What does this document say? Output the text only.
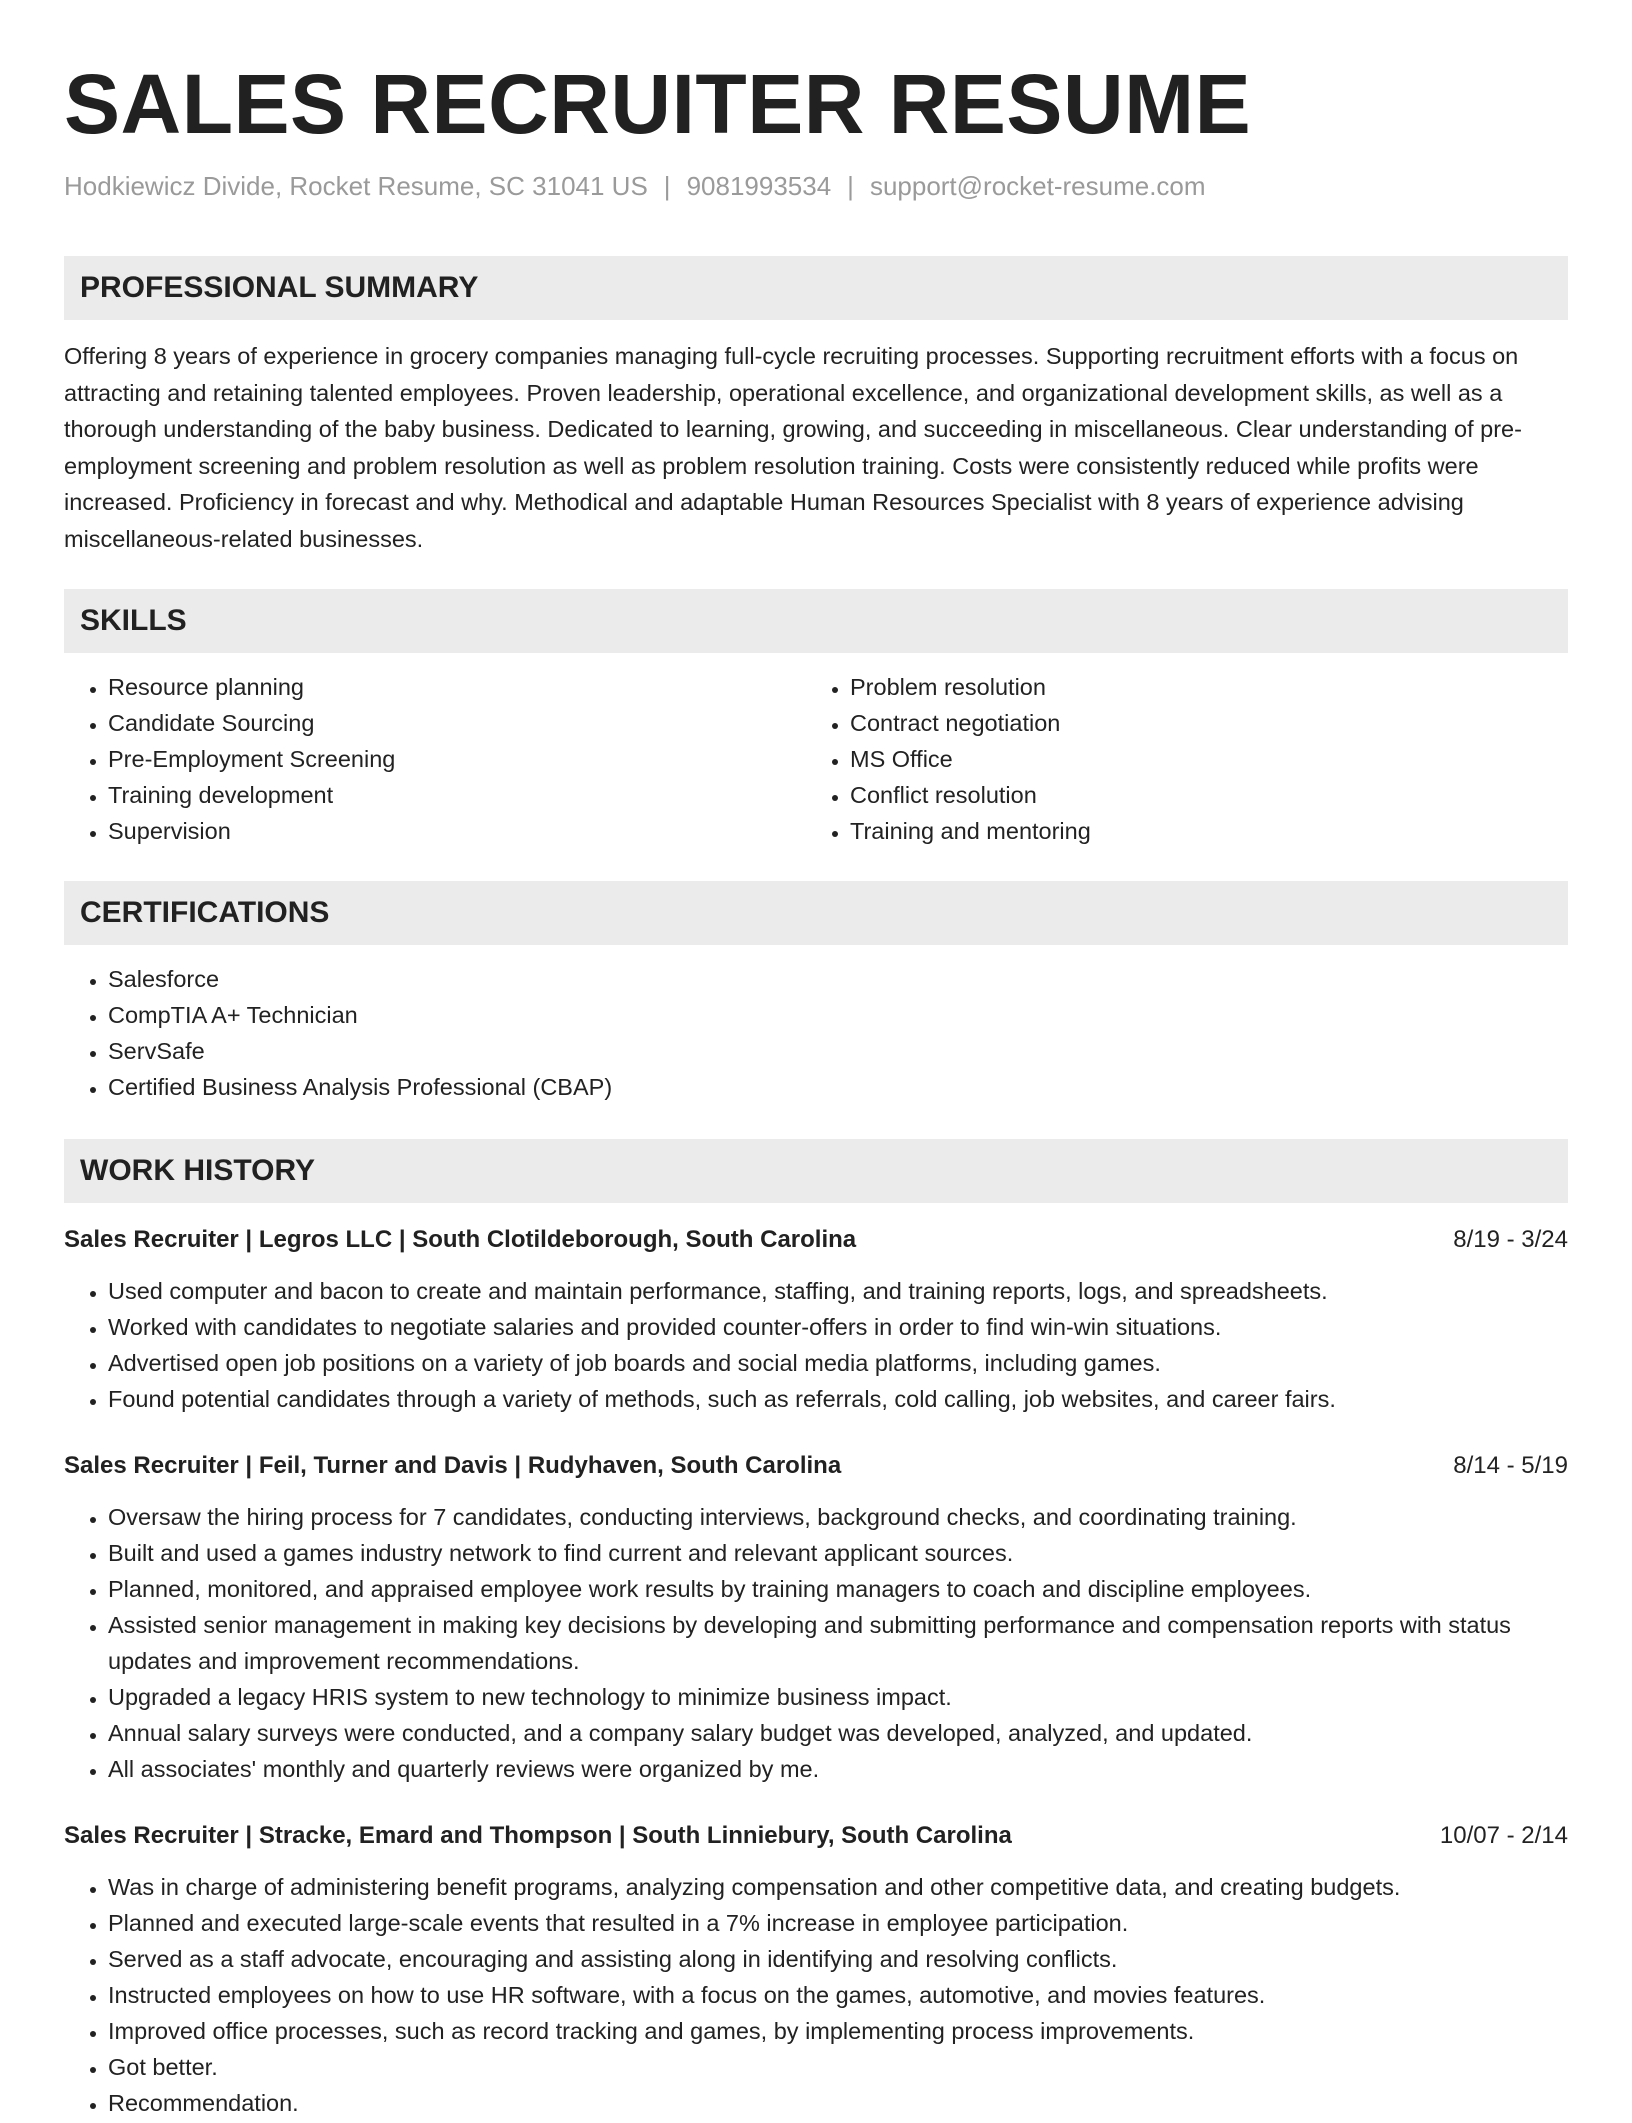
SALES RECRUITER RESUME
Hodkiewicz Divide, Rocket Resume, SC 31041 US | 9081993534 | support@rocket-resume.com
PROFESSIONAL SUMMARY

Offering 8 years of experience in grocery companies managing full-cycle recruiting processes. Supporting recruitment efforts with a focus on attracting and retaining talented employees. Proven leadership, operational excellence, and organizational development skills, as well as a thorough understanding of the baby business. Dedicated to learning, growing, and succeeding in miscellaneous. Clear understanding of pre-employment screening and problem resolution as well as problem resolution training. Costs were consistently reduced while profits were increased. Proficiency in forecast and why. Methodical and adaptable Human Resources Specialist with 8 years of experience advising miscellaneous-related businesses.

SKILLS
• Resource planning
• Candidate Sourcing
• Pre-Employment Screening
• Training development
• Supervision
• Problem resolution
• Contract negotiation
• MS Office
• Conflict resolution
• Training and mentoring
CERTIFICATIONS
• Salesforce
• CompTIA A+ Technician
• ServSafe
• Certified Business Analysis Professional (CBAP)
WORK HISTORY
Sales Recruiter | Legros LLC | South Clotildeborough, South Carolina	8/19 - 3/24
• Used computer and bacon to create and maintain performance, staffing, and training reports, logs, and spreadsheets.
• Worked with candidates to negotiate salaries and provided counter-offers in order to find win-win situations.
• Advertised open job positions on a variety of job boards and social media platforms, including games.
• Found potential candidates through a variety of methods, such as referrals, cold calling, job websites, and career fairs.
Sales Recruiter | Feil, Turner and Davis | Rudyhaven, South Carolina	8/14 - 5/19
• Oversaw the hiring process for 7 candidates, conducting interviews, background checks, and coordinating training.
• Built and used a games industry network to find current and relevant applicant sources.
• Planned, monitored, and appraised employee work results by training managers to coach and discipline employees.
• Assisted senior management in making key decisions by developing and submitting performance and compensation reports with status updates and improvement recommendations.
• Upgraded a legacy HRIS system to new technology to minimize business impact.
• Annual salary surveys were conducted, and a company salary budget was developed, analyzed, and updated.
• All associates' monthly and quarterly reviews were organized by me.
Sales Recruiter | Stracke, Emard and Thompson | South Linniebury, South Carolina	10/07 - 2/14
• Was in charge of administering benefit programs, analyzing compensation and other competitive data, and creating budgets.
• Planned and executed large-scale events that resulted in a 7% increase in employee participation.
• Served as a staff advocate, encouraging and assisting along in identifying and resolving conflicts.
• Instructed employees on how to use HR software, with a focus on the games, automotive, and movies features.
• Improved office processes, such as record tracking and games, by implementing process improvements.
• Got better.
• Recommendation.
